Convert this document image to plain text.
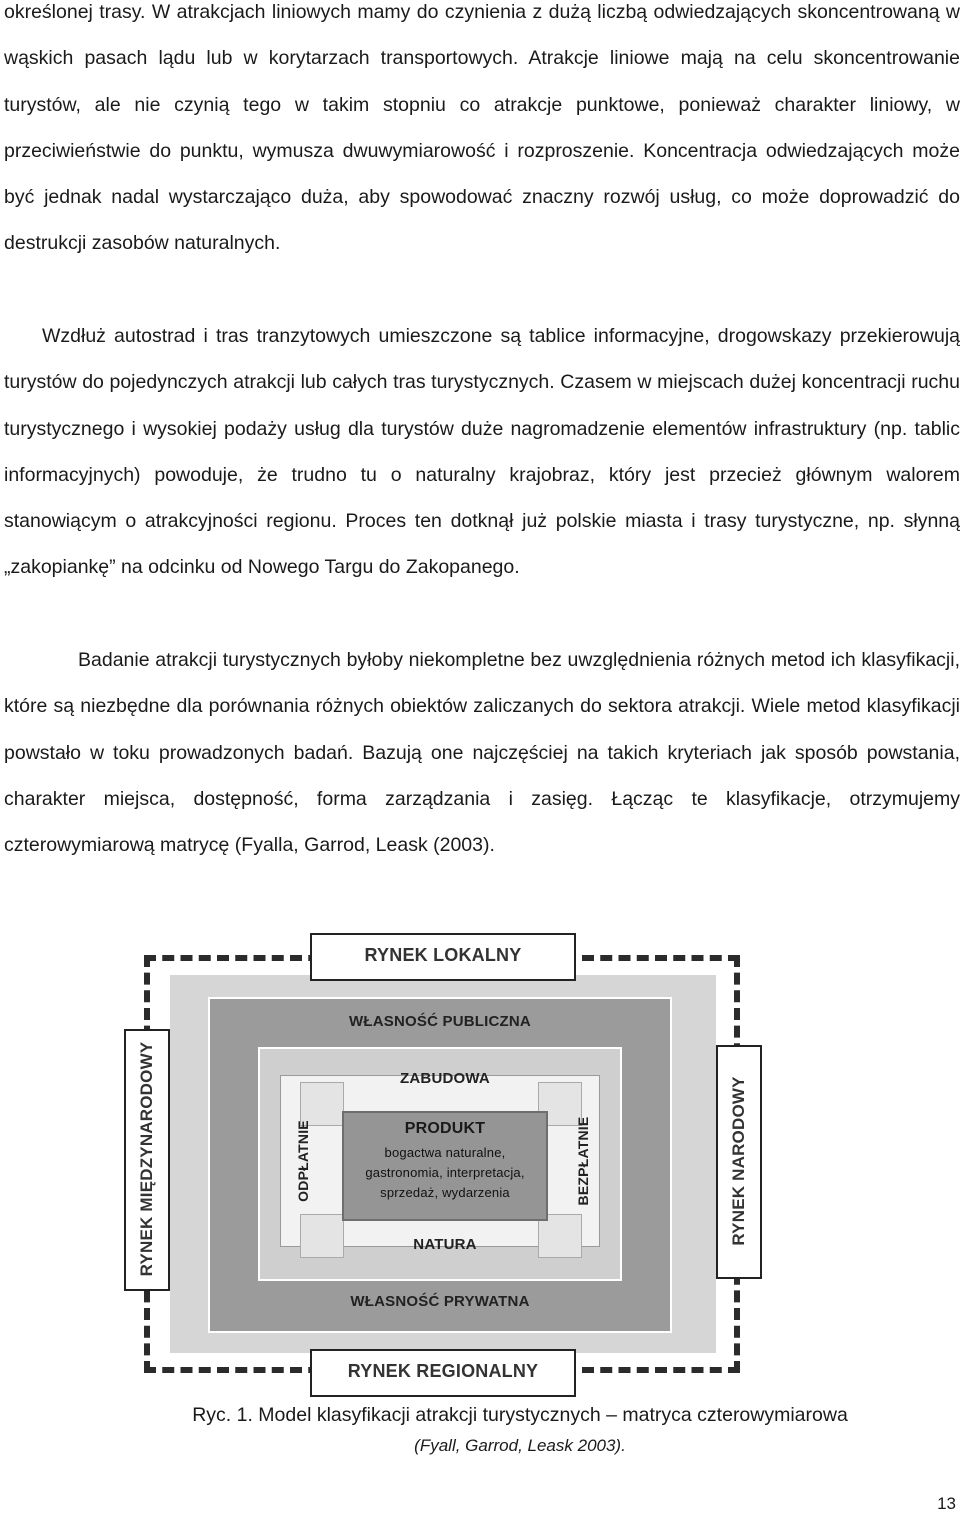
określonej trasy. W atrakcjach liniowych mamy do czynienia z dużą liczbą odwiedzających skoncentrowaną w wąskich pasach lądu lub w korytarzach transportowych. Atrakcje liniowe mają na celu skoncentrowanie turystów, ale nie czynią tego w takim stopniu co atrakcje punktowe, ponieważ charakter liniowy, w przeciwieństwie do punktu, wymusza dwuwymiarowość i rozproszenie. Koncentracja odwiedzających może być jednak nadal wystarczająco duża, aby spowodować znaczny rozwój usług, co może doprowadzić do destrukcji zasobów naturalnych.

Wzdłuż autostrad i tras tranzytowych umieszczone są tablice informacyjne, drogowskazy przekierowują turystów do pojedynczych atrakcji lub całych tras turystycznych. Czasem w miejscach dużej koncentracji ruchu turystycznego i wysokiej podaży usług dla turystów duże nagromadzenie elementów infrastruktury (np. tablic informacyjnych) powoduje, że trudno tu o naturalny krajobraz, który jest przecież głównym walorem stanowiącym o atrakcyjności regionu. Proces ten dotknął już polskie miasta i trasy turystyczne, np. słynną „zakopiankę” na odcinku od Nowego Targu do Zakopanego.

Badanie atrakcji turystycznych byłoby niekompletne bez uwzględnienia różnych metod ich klasyfikacji, które są niezbędne dla porównania różnych obiektów zaliczanych do sektora atrakcji. Wiele metod klasyfikacji powstało w toku prowadzonych badań. Bazują one najczęściej na takich kryteriach jak sposób powstania, charakter miejsca, dostępność, forma zarządzania i zasięg. Łącząc te klasyfikacje, otrzymujemy czterowymiarową matrycę (Fyalla, Garrod, Leask (2003).

RYNEK LOKALNY
RYNEK REGIONALNY
RYNEK MIĘDZYNARODOWY	RYNEK NARODOWY
WŁASNOŚĆ PUBLICZNA
WŁASNOŚĆ PRYWATNA
ZABUDOWA
NATURA
ODPŁATNIE	BEZPŁATNIE
PRODUKT
bogactwa naturalne,
gastronomia, interpretacja,
sprzedaż, wydarzenia
Ryc. 1. Model klasyfikacji atrakcji turystycznych – matryca czterowymiarowa
(Fyall, Garrod, Leask 2003).
13
